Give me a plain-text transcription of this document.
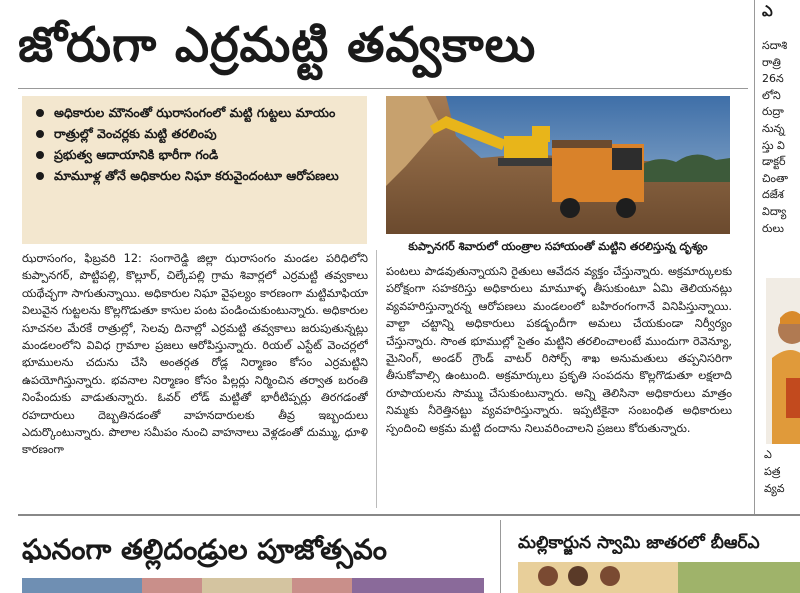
జోరుగా ఎర్రమట్టి తవ్వకాలు
అధికారుల మౌనంతో ఝరాసంగంలో మట్టి గుట్టలు మాయం
రాత్రుల్లో వెంచర్లకు మట్టి తరలింపు
ప్రభుత్వ ఆదాయానికి భారీగా గండి
మామూళ్ల తోనే అధికారుల నిఘా కరువైందంటూ ఆరోపణలు
కుప్పానగర్ శివారులో యంత్రాల సహాయంతో మట్టిని తరలిస్తున్న దృశ్యం
ఝరాసంగం, ఫిబ్రవరి 12: సంగారెడ్డి జిల్లా ఝరాసంగం మండల పరిధిలోని కుప్పానగర్, పొట్టిపల్లి, కొల్లూర్, చిల్కేపల్లి గ్రామ శివార్లలో ఎర్రమట్టి తవ్వకాలు యథేచ్ఛగా సాగుతున్నాయి. అధికారుల నిఘా వైఫల్యం కారణంగా మట్టిమాఫియా విలువైన గుట్టలను కొల్లగొడుతూ కాసుల పంట పండించుకుంటున్నారు. అధికారుల సూచనల మేరకే రాత్రుల్లో, సెలవు దినాల్లో ఎర్రమట్టి తవ్వకాలు జరుపుతున్నట్లు మండలంలోని వివిధ గ్రామాల ప్రజలు ఆరోపిస్తున్నారు. రియల్ ఎస్టేట్ వెంచర్లలో భూములను చదును చేసి అంతర్గత రోడ్ల నిర్మాణం కోసం ఎర్రమట్టిని ఉపయోగిస్తున్నారు. భవనాల నిర్మాణం కోసం పిల్లర్లు నిర్మించిన తర్వాత బరంతి నింపేందుకు వాడుతున్నారు. ఓవర్ లోడ్ మట్టితో భారీటిప్పర్లు తిరగడంతో రహదారులు దెబ్బతినడంతో వాహనదారులకు తీవ్ర ఇబ్బందులు ఎదుర్కొంటున్నారు. పొలాల సమీపం నుంచి వాహనాలు వెళ్లడంతో దుమ్ము, ధూళి కారణంగా
పంటలు పాడవుతున్నాయని రైతులు ఆవేదన వ్యక్తం చేస్తున్నారు. అక్రమార్కులకు పరోక్షంగా సహకరిస్తు అధికారులు మామూళ్ళ తీసుకుంటూ ఏమి తెలియనట్లు వ్యవహరిస్తున్నారన్న ఆరోపణలు మండలంలో బహిరంగంగానే వినిపిస్తున్నాయి. వాల్టా చట్టాన్ని అధికారులు పకడ్బందీగా అమలు చేయకుండా నిర్వీర్యం చేస్తున్నారు. సొంత భూముల్లో సైతం మట్టిని తరలించాలంటే ముందుగా రెవెన్యూ, మైనింగ్, అండర్ గ్రౌండ్ వాటర్ రిసోర్స్ శాఖ అనుమతులు తప్పనిసరిగా తీసుకోవాల్సి ఉంటుంది. అక్రమార్కులు ప్రకృతి సంపదను కొల్లగొడుతూ లక్షలాది రూపాయలను సొమ్ము చేసుకుంటున్నారు. అన్ని తెలిసినా అధికారులు మాత్రం నిమ్మకు నీరెత్తినట్టు వ్యవహరిస్తున్నారు. ఇప్పటికైనా సంబంధిత అధికారులు స్పందించి అక్రమ మట్టి దందాను నిలువరించాలని ప్రజలు కోరుతున్నారు.
ఎ
సదాశి
రాత్రి
26న
లోని
రుద్రా
నున్న
స్తు వి
డాక్టర్
చింతా
దజేశ
విద్యా
రులు
ఎ
పత్ర
వ్యవ
ఘనంగా తల్లిదండ్రుల పూజోత్సవం	మల్లికార్జున స్వామి జాతరలో బీఆర్ఎ
